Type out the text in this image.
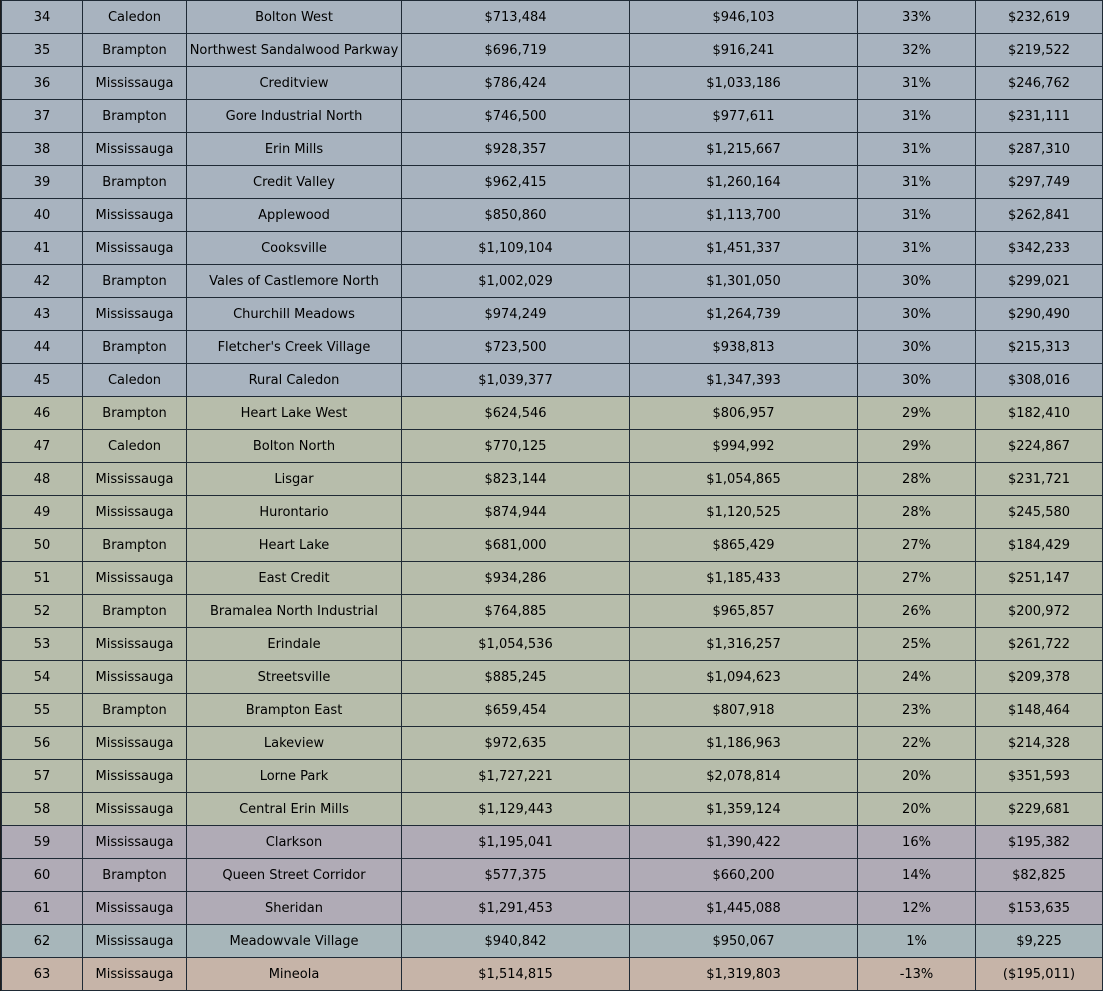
34	Caledon	Bolton West	$713,484	$946,103	33%	$232,619
35	Brampton	Northwest Sandalwood Parkway	$696,719	$916,241	32%	$219,522
36	Mississauga	Creditview	$786,424	$1,033,186	31%	$246,762
37	Brampton	Gore Industrial North	$746,500	$977,611	31%	$231,111
38	Mississauga	Erin Mills	$928,357	$1,215,667	31%	$287,310
39	Brampton	Credit Valley	$962,415	$1,260,164	31%	$297,749
40	Mississauga	Applewood	$850,860	$1,113,700	31%	$262,841
41	Mississauga	Cooksville	$1,109,104	$1,451,337	31%	$342,233
42	Brampton	Vales of Castlemore North	$1,002,029	$1,301,050	30%	$299,021
43	Mississauga	Churchill Meadows	$974,249	$1,264,739	30%	$290,490
44	Brampton	Fletcher's Creek Village	$723,500	$938,813	30%	$215,313
45	Caledon	Rural Caledon	$1,039,377	$1,347,393	30%	$308,016
46	Brampton	Heart Lake West	$624,546	$806,957	29%	$182,410
47	Caledon	Bolton North	$770,125	$994,992	29%	$224,867
48	Mississauga	Lisgar	$823,144	$1,054,865	28%	$231,721
49	Mississauga	Hurontario	$874,944	$1,120,525	28%	$245,580
50	Brampton	Heart Lake	$681,000	$865,429	27%	$184,429
51	Mississauga	East Credit	$934,286	$1,185,433	27%	$251,147
52	Brampton	Bramalea North Industrial	$764,885	$965,857	26%	$200,972
53	Mississauga	Erindale	$1,054,536	$1,316,257	25%	$261,722
54	Mississauga	Streetsville	$885,245	$1,094,623	24%	$209,378
55	Brampton	Brampton East	$659,454	$807,918	23%	$148,464
56	Mississauga	Lakeview	$972,635	$1,186,963	22%	$214,328
57	Mississauga	Lorne Park	$1,727,221	$2,078,814	20%	$351,593
58	Mississauga	Central Erin Mills	$1,129,443	$1,359,124	20%	$229,681
59	Mississauga	Clarkson	$1,195,041	$1,390,422	16%	$195,382
60	Brampton	Queen Street Corridor	$577,375	$660,200	14%	$82,825
61	Mississauga	Sheridan	$1,291,453	$1,445,088	12%	$153,635
62	Mississauga	Meadowvale Village	$940,842	$950,067	1%	$9,225
63	Mississauga	Mineola	$1,514,815	$1,319,803	-13%	($195,011)
